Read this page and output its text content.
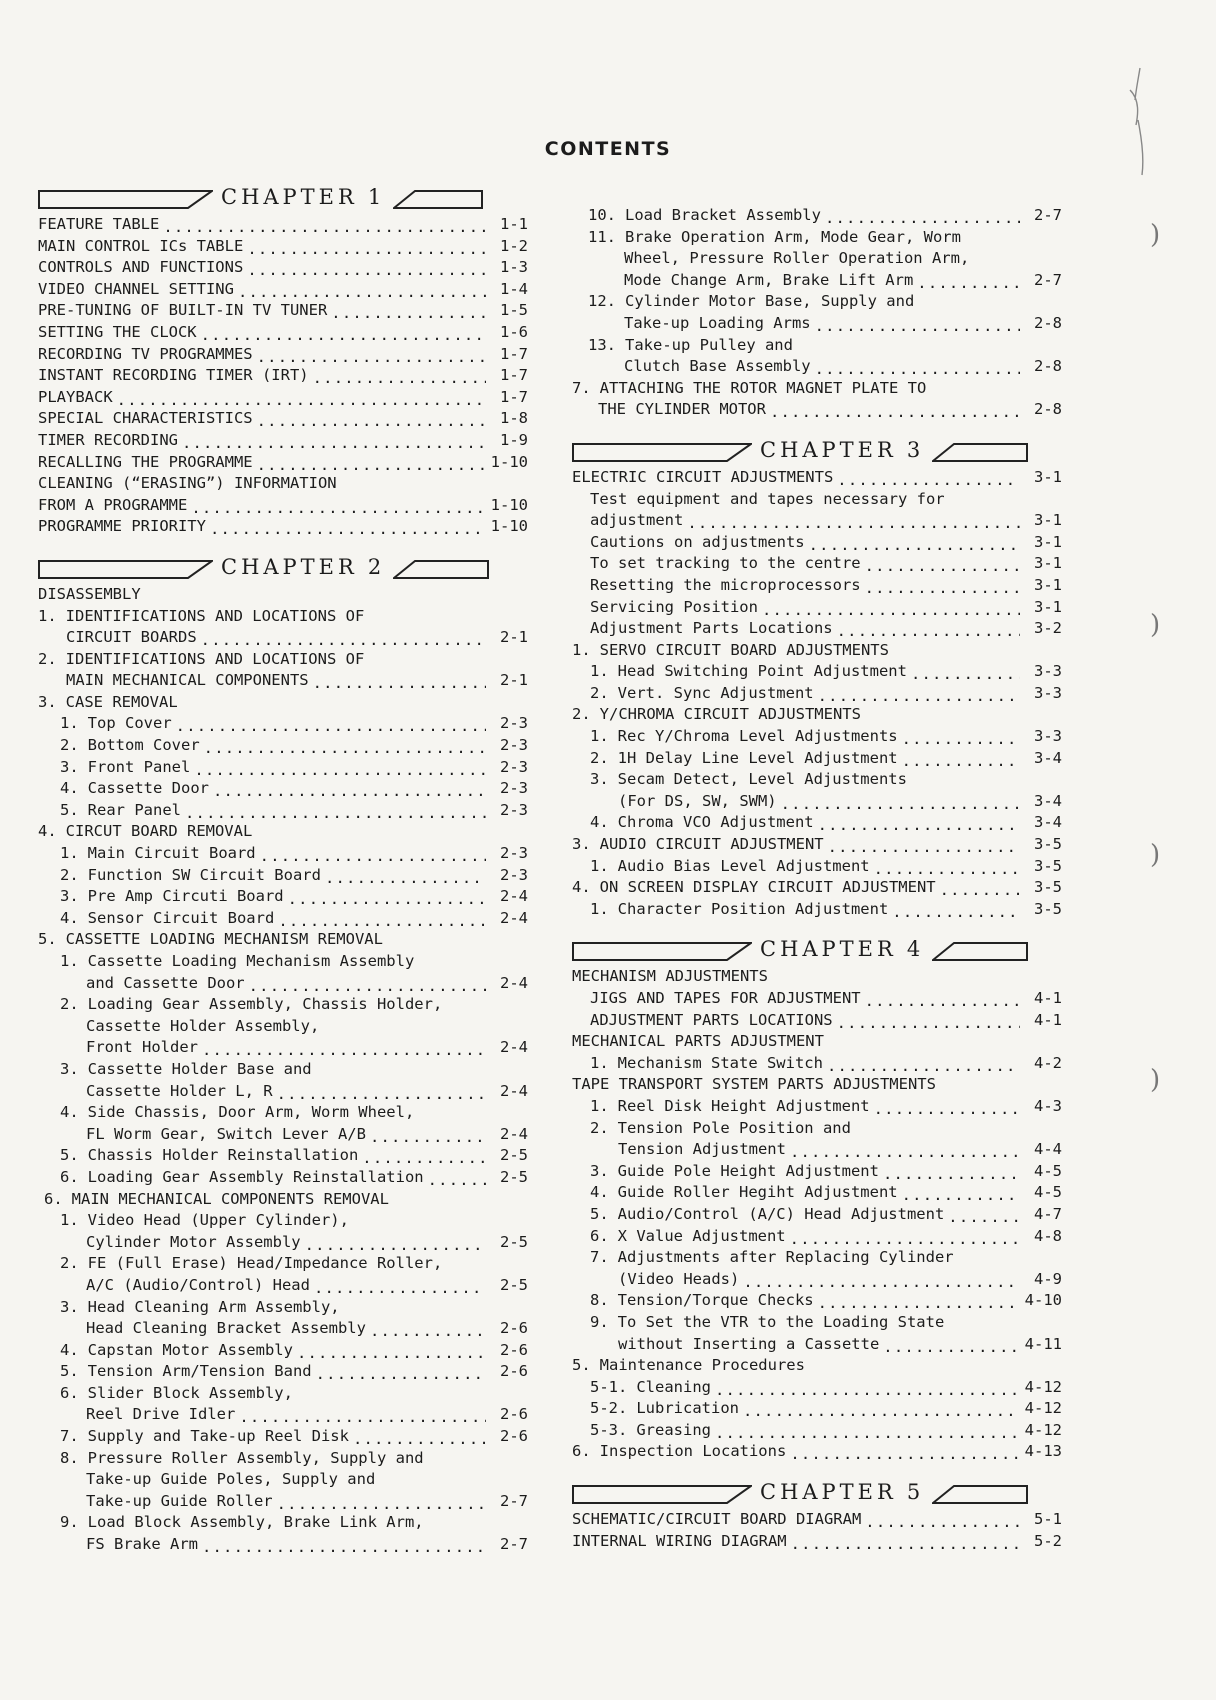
CONTENTS
CHAPTER 1
FEATURE TABLE .....	1-1
MAIN CONTROL ICs TABLE .....	1-2
CONTROLS AND FUNCTIONS .....	1-3
VIDEO CHANNEL SETTING .....	1-4
PRE-TUNING OF BUILT-IN TV TUNER .....	1-5
SETTING THE CLOCK .....	1-6
RECORDING TV PROGRAMMES .....	1-7
INSTANT RECORDING TIMER (IRT) .....	1-7
PLAYBACK .....	1-7
SPECIAL CHARACTERISTICS .....	1-8
TIMER RECORDING .....	1-9
RECALLING THE PROGRAMME .....	1-10
CLEANING (“ERASING”) INFORMATION
FROM A PROGRAMME .....	1-10
PROGRAMME PRIORITY .....	1-10
CHAPTER 2
DISASSEMBLY
1. IDENTIFICATIONS AND LOCATIONS OF
CIRCUIT BOARDS .....	2-1
2. IDENTIFICATIONS AND LOCATIONS OF
MAIN MECHANICAL COMPONENTS .....	2-1
3. CASE REMOVAL
1. Top Cover .....	2-3
2. Bottom Cover .....	2-3
3. Front Panel .....	2-3
4. Cassette Door .....	2-3
5. Rear Panel .....	2-3
4. CIRCUT BOARD REMOVAL
1. Main Circuit Board .....	2-3
2. Function SW Circuit Board .....	2-3
3. Pre Amp Circuti Board .....	2-4
4. Sensor Circuit Board .....	2-4
5. CASSETTE LOADING MECHANISM REMOVAL
1. Cassette Loading Mechanism Assembly
and Cassette Door .....	2-4
2. Loading Gear Assembly, Chassis Holder,
Cassette Holder Assembly,
Front Holder .....	2-4
3. Cassette Holder Base and
Cassette Holder L, R .....	2-4
4. Side Chassis, Door Arm, Worm Wheel,
FL Worm Gear, Switch Lever A/B .....	2-4
5. Chassis Holder Reinstallation .....	2-5
6. Loading Gear Assembly Reinstallation .....	2-5
6. MAIN MECHANICAL COMPONENTS REMOVAL
1. Video Head (Upper Cylinder),
Cylinder Motor Assembly .....	2-5
2. FE (Full Erase) Head/Impedance Roller,
A/C (Audio/Control) Head .....	2-5
3. Head Cleaning Arm Assembly,
Head Cleaning Bracket Assembly .....	2-6
4. Capstan Motor Assembly .....	2-6
5. Tension Arm/Tension Band .....	2-6
6. Slider Block Assembly,
Reel Drive Idler .....	2-6
7. Supply and Take-up Reel Disk .....	2-6
8. Pressure Roller Assembly, Supply and
Take-up Guide Poles, Supply and
Take-up Guide Roller .....	2-7
9. Load Block Assembly, Brake Link Arm,
FS Brake Arm .....	2-7
10. Load Bracket Assembly .....	2-7
11. Brake Operation Arm, Mode Gear, Worm
Wheel, Pressure Roller Operation Arm,
Mode Change Arm, Brake Lift Arm .....	2-7
12. Cylinder Motor Base, Supply and
Take-up Loading Arms .....	2-8
13. Take-up Pulley and
Clutch Base Assembly .....	2-8
7. ATTACHING THE ROTOR MAGNET PLATE TO
THE CYLINDER MOTOR .....	2-8
CHAPTER 3
ELECTRIC CIRCUIT ADJUSTMENTS .....	3-1
Test equipment and tapes necessary for
adjustment .....	3-1
Cautions on adjustments .....	3-1
To set tracking to the centre .....	3-1
Resetting the microprocessors .....	3-1
Servicing Position .....	3-1
Adjustment Parts Locations .....	3-2
1. SERVO CIRCUIT BOARD ADJUSTMENTS
1. Head Switching Point Adjustment .....	3-3
2. Vert. Sync Adjustment .....	3-3
2. Y/CHROMA CIRCUIT ADJUSTMENTS
1. Rec Y/Chroma Level Adjustments .....	3-3
2. 1H Delay Line Level Adjustment .....	3-4
3. Secam Detect, Level Adjustments
(For DS, SW, SWM) .....	3-4
4. Chroma VCO Adjustment .....	3-4
3. AUDIO CIRCUIT ADJUSTMENT .....	3-5
1. Audio Bias Level Adjustment .....	3-5
4. ON SCREEN DISPLAY CIRCUIT ADJUSTMENT .....	3-5
1. Character Position Adjustment .....	3-5
CHAPTER 4
MECHANISM ADJUSTMENTS
JIGS AND TAPES FOR ADJUSTMENT .....	4-1
ADJUSTMENT PARTS LOCATIONS .....	4-1
MECHANICAL PARTS ADJUSTMENT
1. Mechanism State Switch .....	4-2
TAPE TRANSPORT SYSTEM PARTS ADJUSTMENTS
1. Reel Disk Height Adjustment .....	4-3
2. Tension Pole Position and
Tension Adjustment .....	4-4
3. Guide Pole Height Adjustment .....	4-5
4. Guide Roller Hegiht Adjustment .....	4-5
5. Audio/Control (A/C) Head Adjustment .....	4-7
6. X Value Adjustment .....	4-8
7. Adjustments after Replacing Cylinder
(Video Heads) .....	4-9
8. Tension/Torque Checks .....	4-10
9. To Set the VTR to the Loading State
without Inserting a Cassette .....	4-11
5. Maintenance Procedures
5-1. Cleaning .....	4-12
5-2. Lubrication .....	4-12
5-3. Greasing .....	4-12
6. Inspection Locations .....	4-13
CHAPTER 5
SCHEMATIC/CIRCUIT BOARD DIAGRAM .....	5-1
INTERNAL WIRING DIAGRAM .....	5-2
)
)
)
)
